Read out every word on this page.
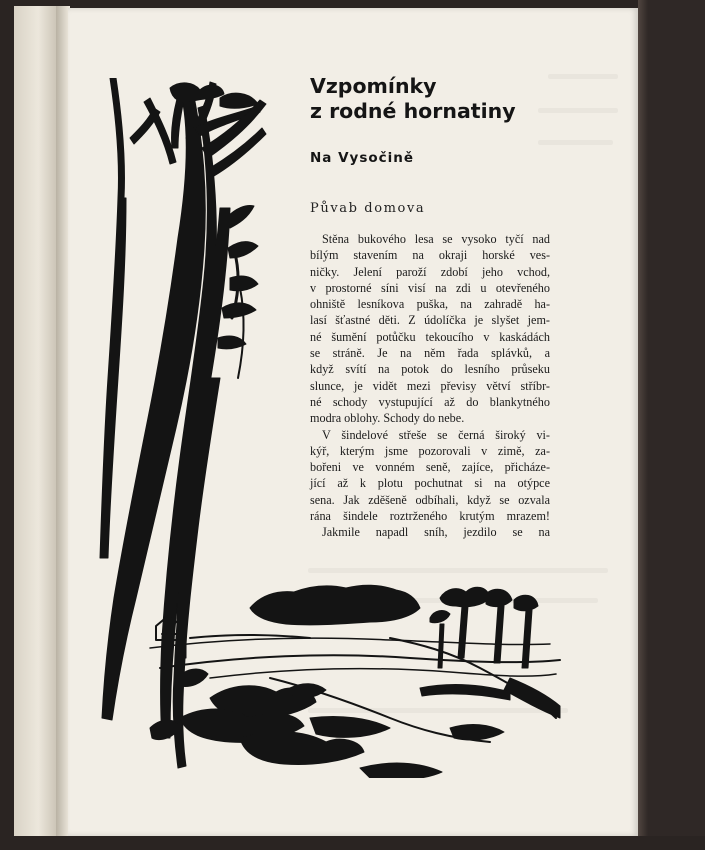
Vzpomínky
z rodné hornatiny
Na Vysočině
Půvab domova
Stěna bukového lesa se vysoko tyčí nad
bílým stavením na okraji horské ves-
ničky. Jelení paroží zdobí jeho vchod,
v prostorné síni visí na zdi u otevřeného
ohniště lesníkova puška, na zahradě ha-
lasí šťastné děti. Z údolíčka je slyšet jem-
né šumění potůčku tekoucího v kaskádách
se stráně. Je na něm řada splávků, a
když svítí na potok do lesního průseku
slunce, je vidět mezi převisy větví stříbr-
né schody vystupující až do blankytného
modra oblohy. Schody do nebe.
V šindelové střeše se černá široký vi-
kýř, kterým jsme pozorovali v zimě, za-
bořeni ve vonném seně, zajíce, přicháze-
jící až k plotu pochutnat si na otýpce
sena. Jak zděšeně odbíhali, když se ozvala
rána šindele roztrženého krutým mrazem!
Jakmile napadl sníh, jezdilo se na
